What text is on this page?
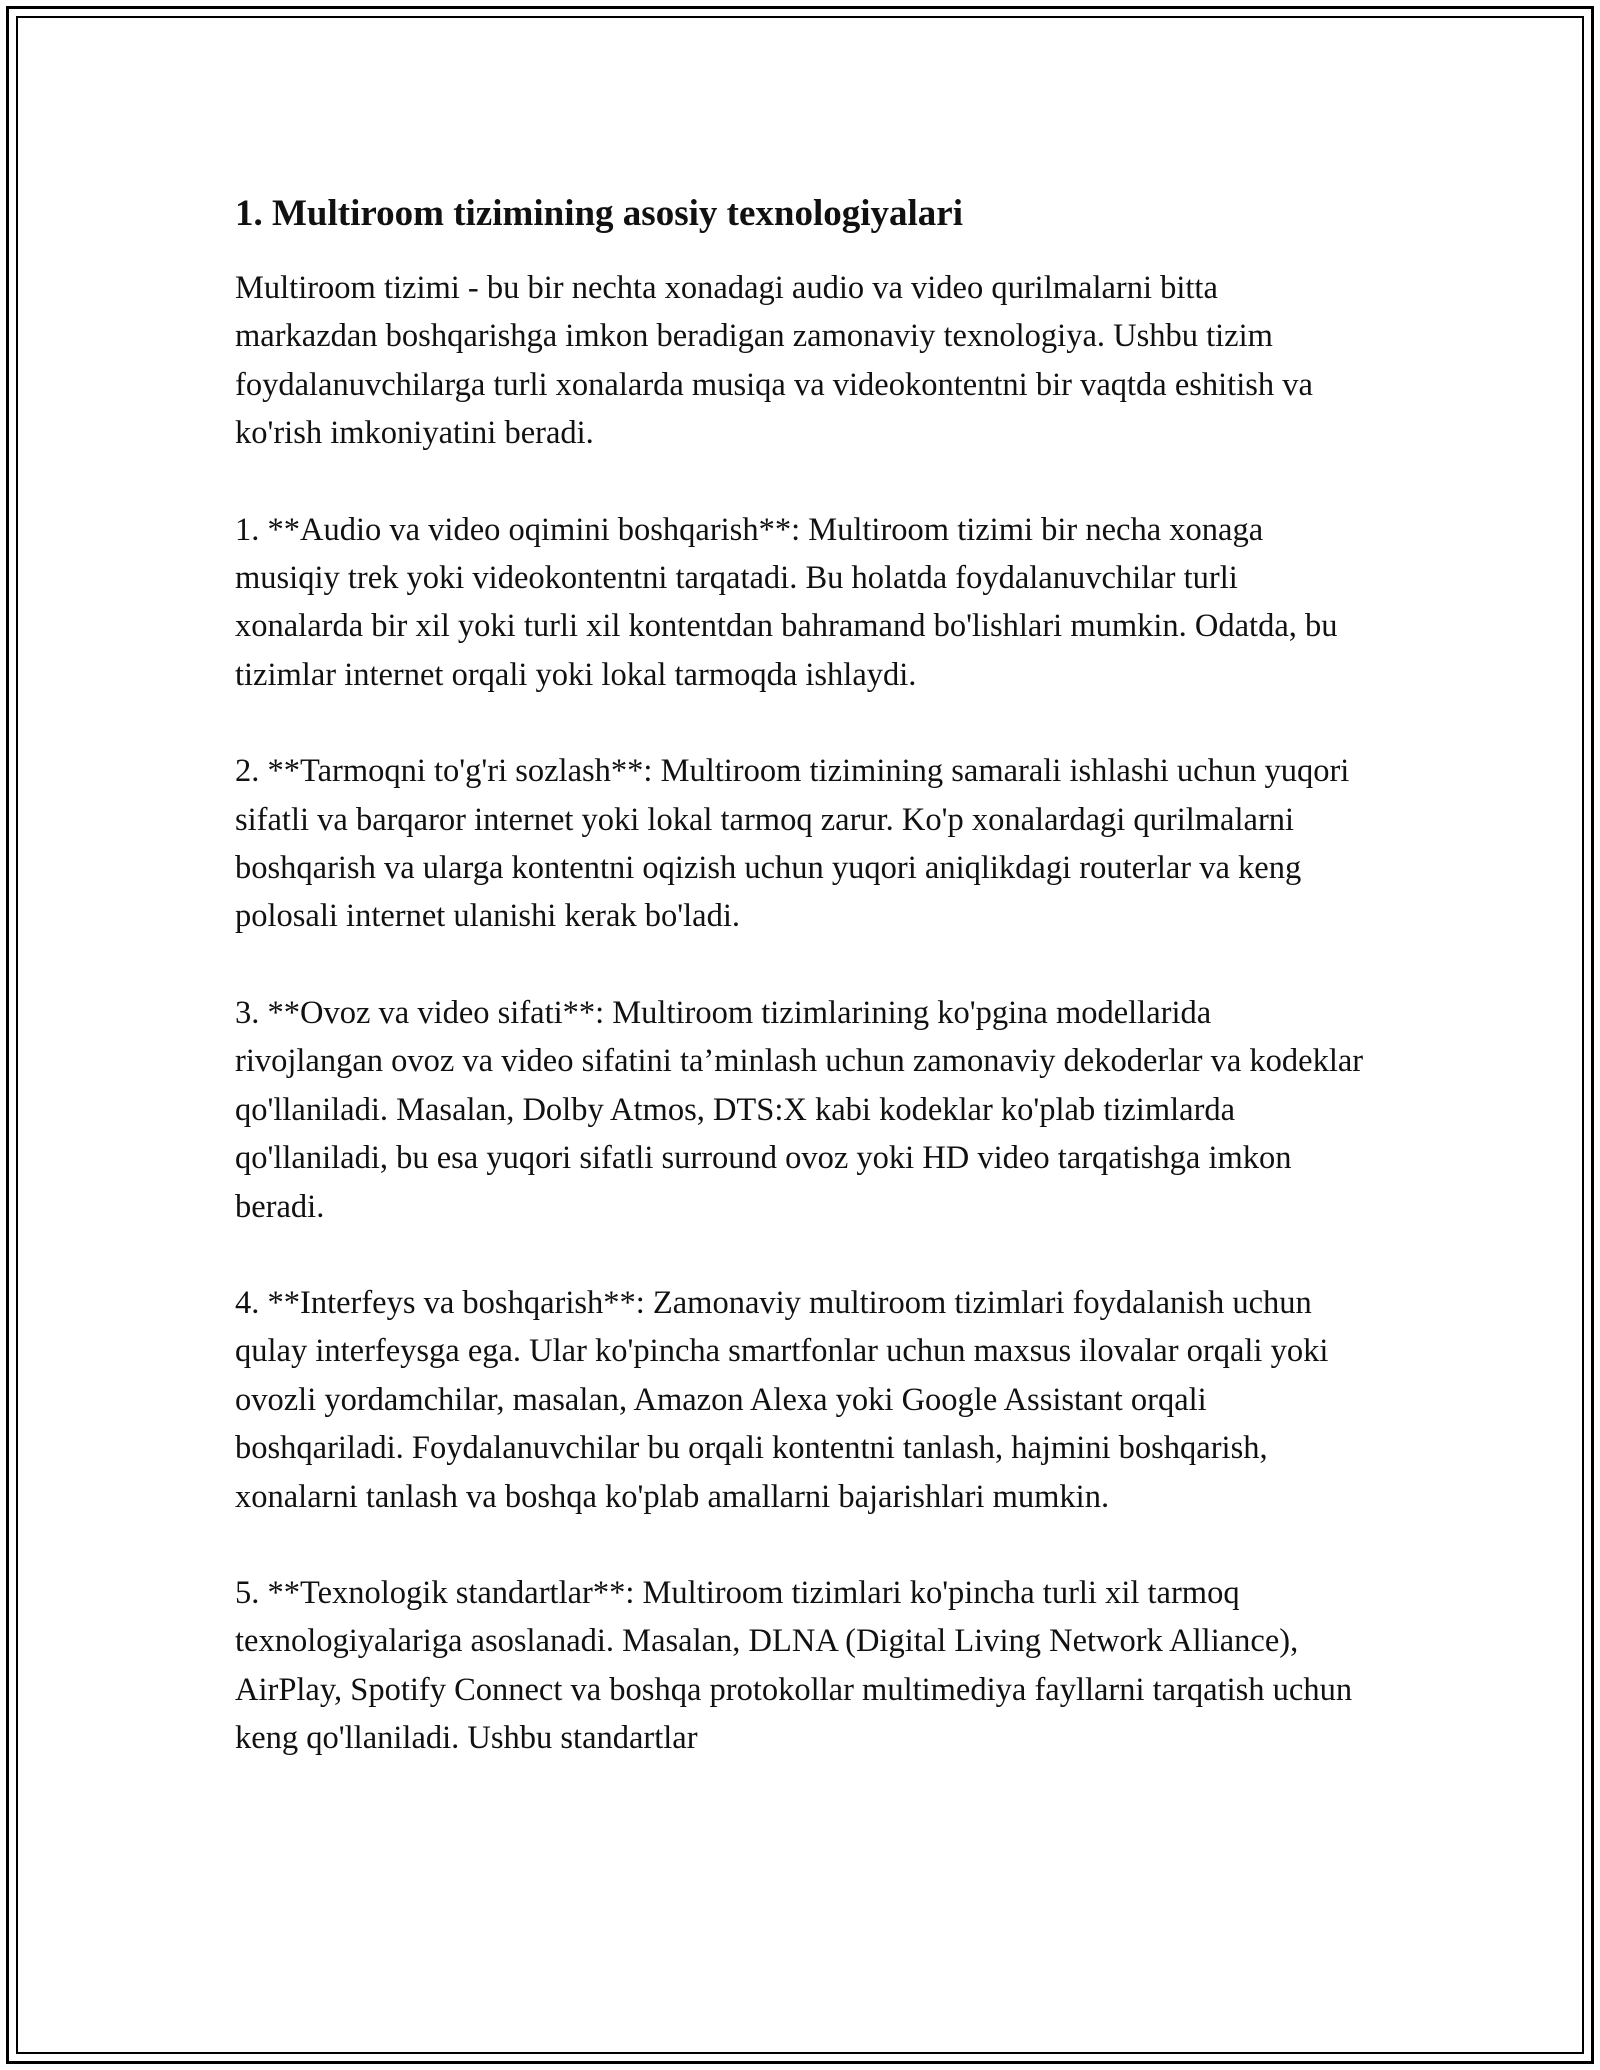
1. Multiroom tizimining asosiy texnologiyalari

Multiroom tizimi - bu bir nechta xonadagi audio va video qurilmalarni bitta markazdan boshqarishga imkon beradigan zamonaviy texnologiya. Ushbu tizim foydalanuvchilarga turli xonalarda musiqa va videokontentni bir vaqtda eshitish va ko'rish imkoniyatini beradi.

1. **Audio va video oqimini boshqarish**: Multiroom tizimi bir necha xonaga musiqiy trek yoki videokontentni tarqatadi. Bu holatda foydalanuvchilar turli xonalarda bir xil yoki turli xil kontentdan bahramand bo'lishlari mumkin. Odatda, bu tizimlar internet orqali yoki lokal tarmoqda ishlaydi.

2. **Tarmoqni to'g'ri sozlash**: Multiroom tizimining samarali ishlashi uchun yuqori sifatli va barqaror internet yoki lokal tarmoq zarur. Ko'p xonalardagi qurilmalarni boshqarish va ularga kontentni oqizish uchun yuqori aniqlikdagi routerlar va keng polosali internet ulanishi kerak bo'ladi.

3. **Ovoz va video sifati**: Multiroom tizimlarining ko'pgina modellarida rivojlangan ovoz va video sifatini ta’minlash uchun zamonaviy dekoderlar va kodeklar qo'llaniladi. Masalan, Dolby Atmos, DTS:X kabi kodeklar ko'plab tizimlarda qo'llaniladi, bu esa yuqori sifatli surround ovoz yoki HD video tarqatishga imkon beradi.

4. **Interfeys va boshqarish**: Zamonaviy multiroom tizimlari foydalanish uchun qulay interfeysga ega. Ular ko'pincha smartfonlar uchun maxsus ilovalar orqali yoki ovozli yordamchilar, masalan, Amazon Alexa yoki Google Assistant orqali boshqariladi. Foydalanuvchilar bu orqali kontentni tanlash, hajmini boshqarish, xonalarni tanlash va boshqa ko'plab amallarni bajarishlari mumkin.

5. **Texnologik standartlar**: Multiroom tizimlari ko'pincha turli xil tarmoq texnologiyalariga asoslanadi. Masalan, DLNA (Digital Living Network Alliance), AirPlay, Spotify Connect va boshqa protokollar multimediya fayllarni tarqatish uchun keng qo'llaniladi. Ushbu standartlar
